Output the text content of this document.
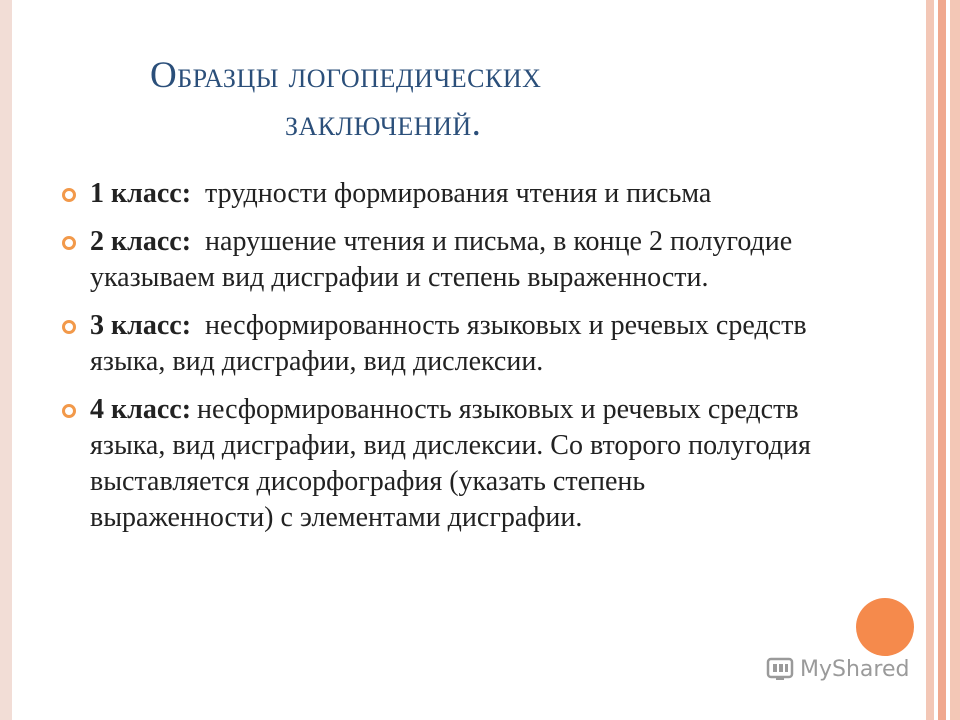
Образцы логопедических
заключений.
1 класс: трудности формирования чтения и письма
2 класс: нарушение чтения и письма, в конце 2 полугодие указываем вид дисграфии и степень выраженности.
3 класс: несформированность языковых и речевых средств языка, вид дисграфии, вид дислексии.
4 класс: несформированность языковых и речевых средств языка, вид дисграфии, вид дислексии. Со второго полугодия выставляется дисорфография (указать степень выраженности) с элементами дисграфии.
MyShared
